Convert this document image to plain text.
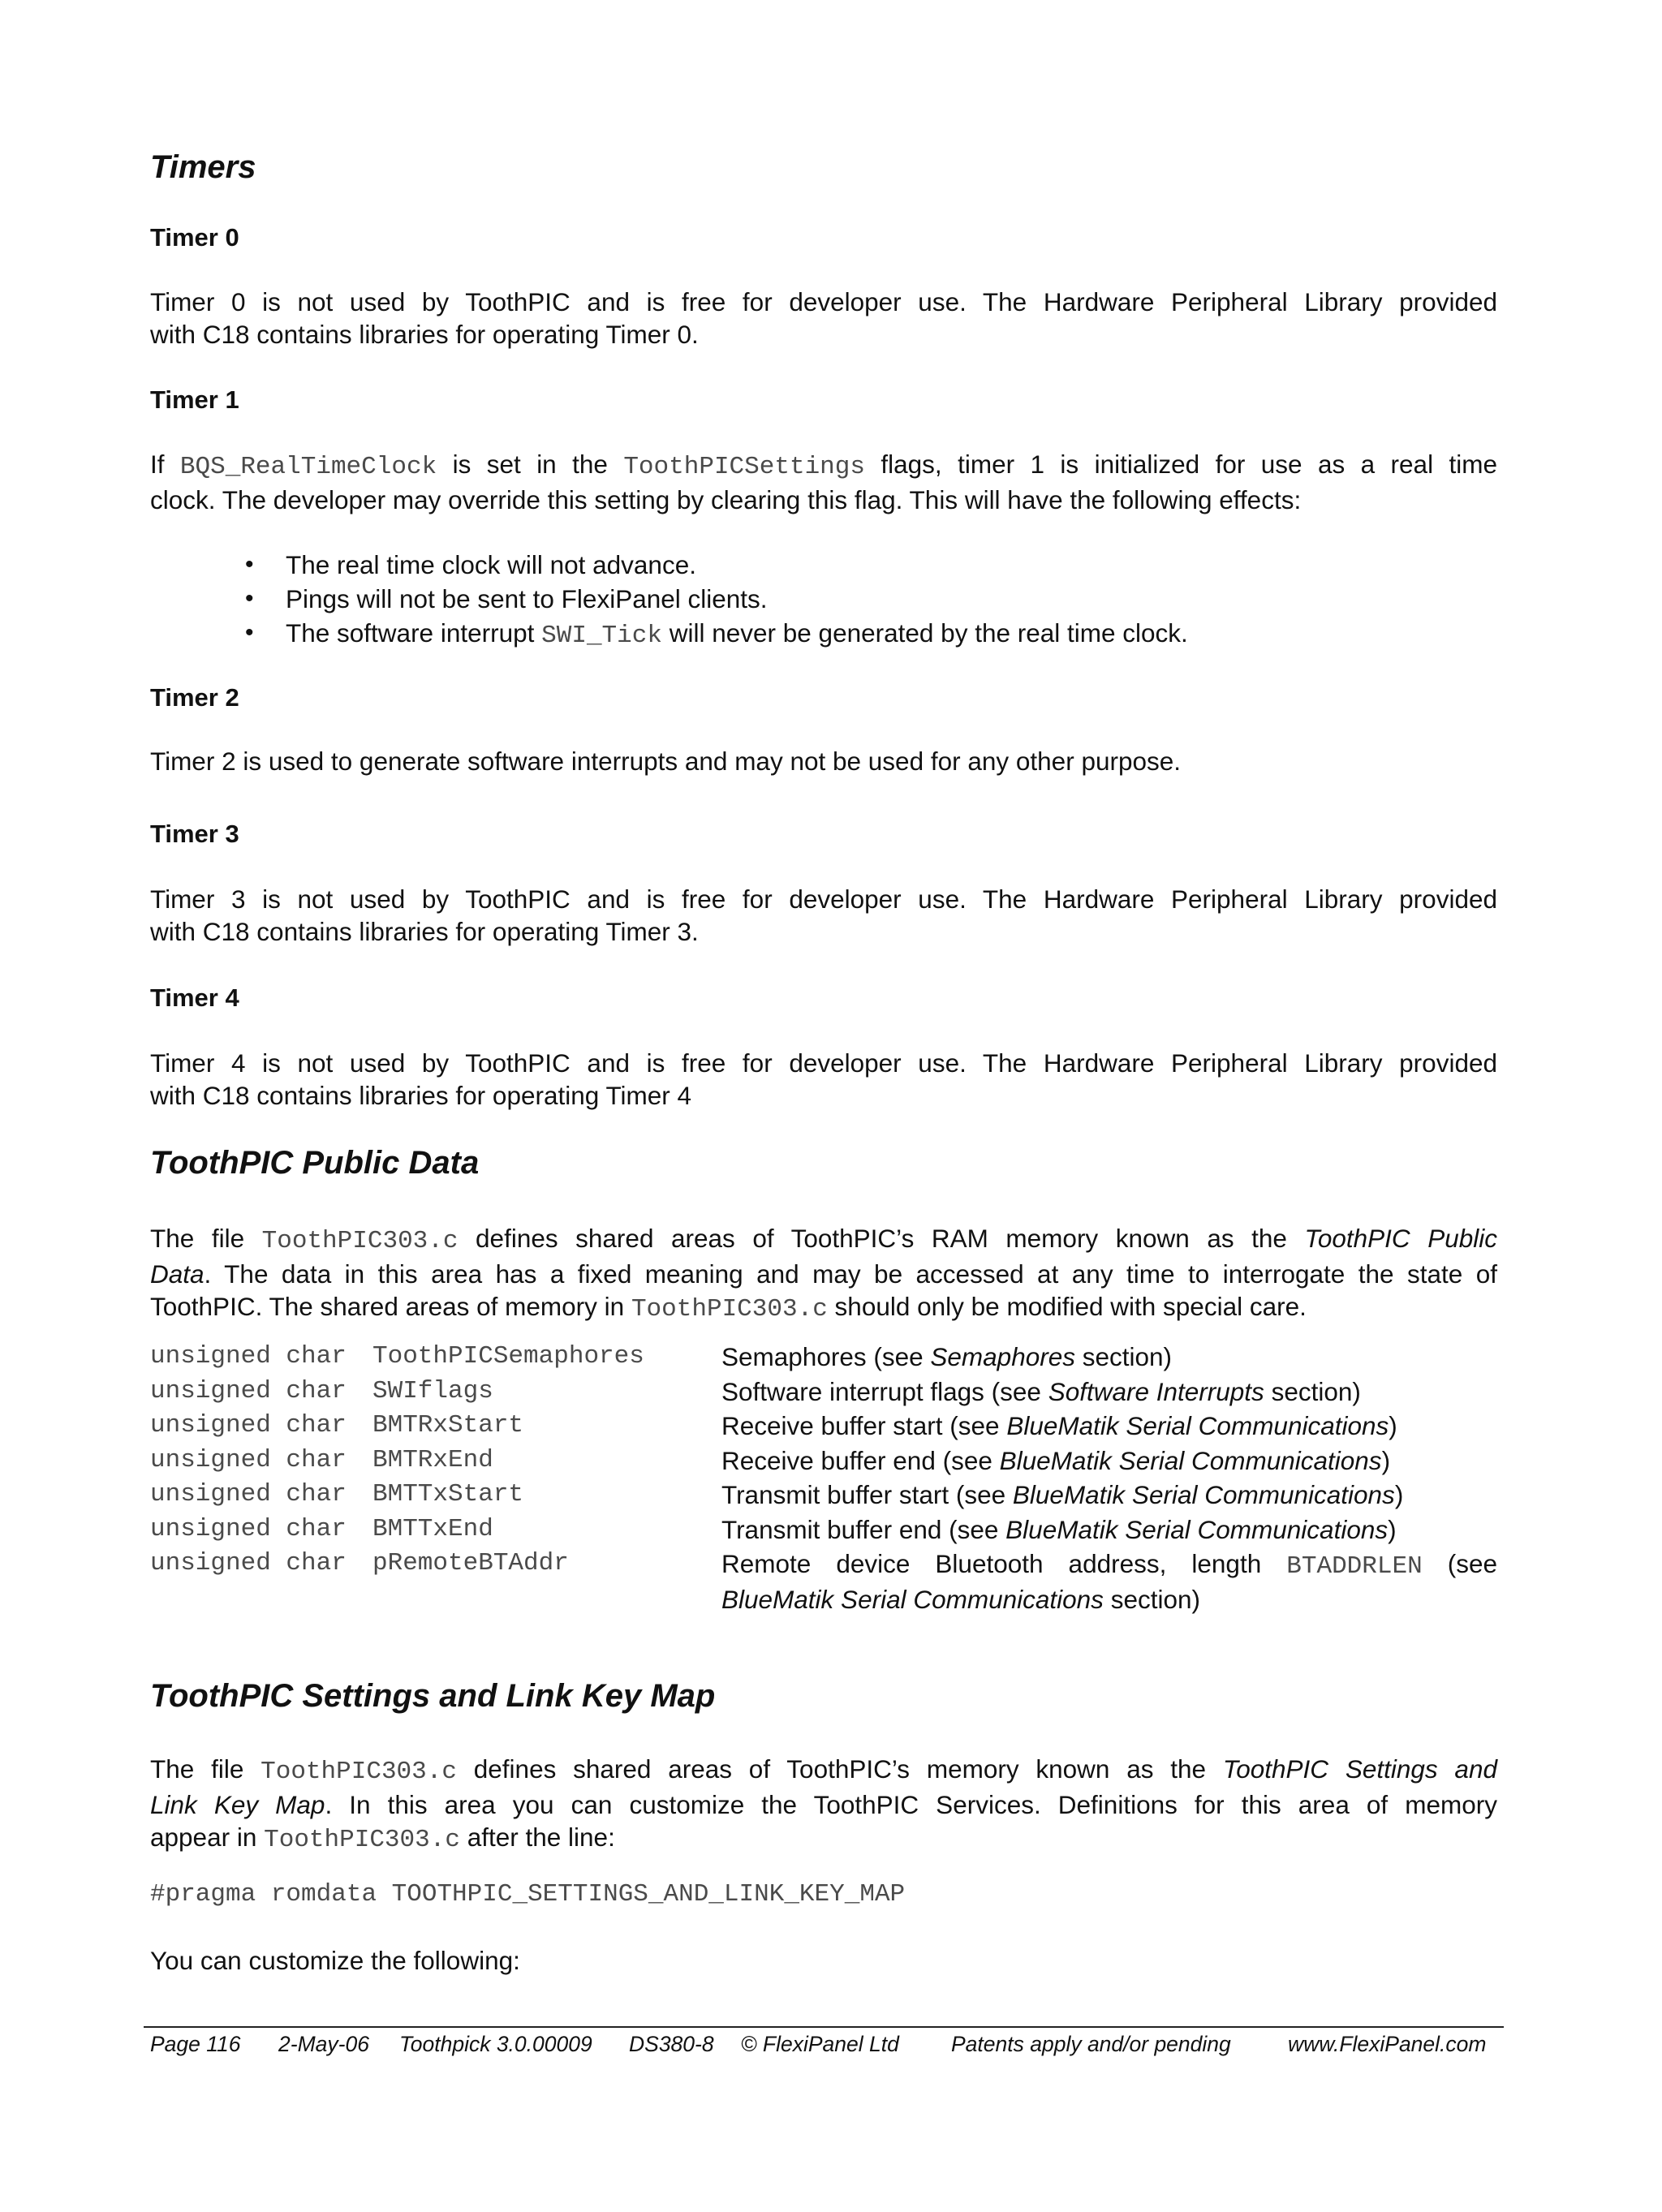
Timers
Timer 0
Timer 0 is not used by ToothPIC and is free for developer use. The Hardware Peripheral Library provided
with C18 contains libraries for operating Timer 0.
Timer 1
If BQS_RealTimeClock is set in the ToothPICSettings flags, timer 1 is initialized for use as a real time
clock. The developer may override this setting by clearing this flag. This will have the following effects:
• The real time clock will not advance.
• Pings will not be sent to FlexiPanel clients.
• The software interrupt SWI_Tick will never be generated by the real time clock.
Timer 2
Timer 2 is used to generate software interrupts and may not be used for any other purpose.
Timer 3
Timer 3 is not used by ToothPIC and is free for developer use. The Hardware Peripheral Library provided
with C18 contains libraries for operating Timer 3.
Timer 4
Timer 4 is not used by ToothPIC and is free for developer use. The Hardware Peripheral Library provided
with C18 contains libraries for operating Timer 4
ToothPIC Public Data
The file ToothPIC303.c defines shared areas of ToothPIC’s RAM memory known as the ToothPIC Public
Data. The data in this area has a fixed meaning and may be accessed at any time to interrogate the state of
ToothPIC. The shared areas of memory in ToothPIC303.c should only be modified with special care.
unsigned char ToothPICSemaphores	Semaphores (see Semaphores section)
unsigned char SWIflags	Software interrupt flags (see Software Interrupts section)
unsigned char BMTRxStart	Receive buffer start (see BlueMatik Serial Communications)
unsigned char BMTRxEnd	Receive buffer end (see BlueMatik Serial Communications)
unsigned char BMTTxStart	Transmit buffer start (see BlueMatik Serial Communications)
unsigned char BMTTxEnd	Transmit buffer end (see BlueMatik Serial Communications)
unsigned char pRemoteBTAddr	Remote device Bluetooth address, length BTADDRLEN (see
BlueMatik Serial Communications section)
ToothPIC Settings and Link Key Map
The file ToothPIC303.c defines shared areas of ToothPIC’s memory known as the ToothPIC Settings and
Link Key Map. In this area you can customize the ToothPIC Services. Definitions for this area of memory
appear in ToothPIC303.c after the line:
#pragma romdata TOOTHPIC_SETTINGS_AND_LINK_KEY_MAP
You can customize the following:
Page 116 2-May-06 Toothpick 3.0.00009 DS380-8 © FlexiPanel Ltd Patents apply and/or pending	www.FlexiPanel.com
